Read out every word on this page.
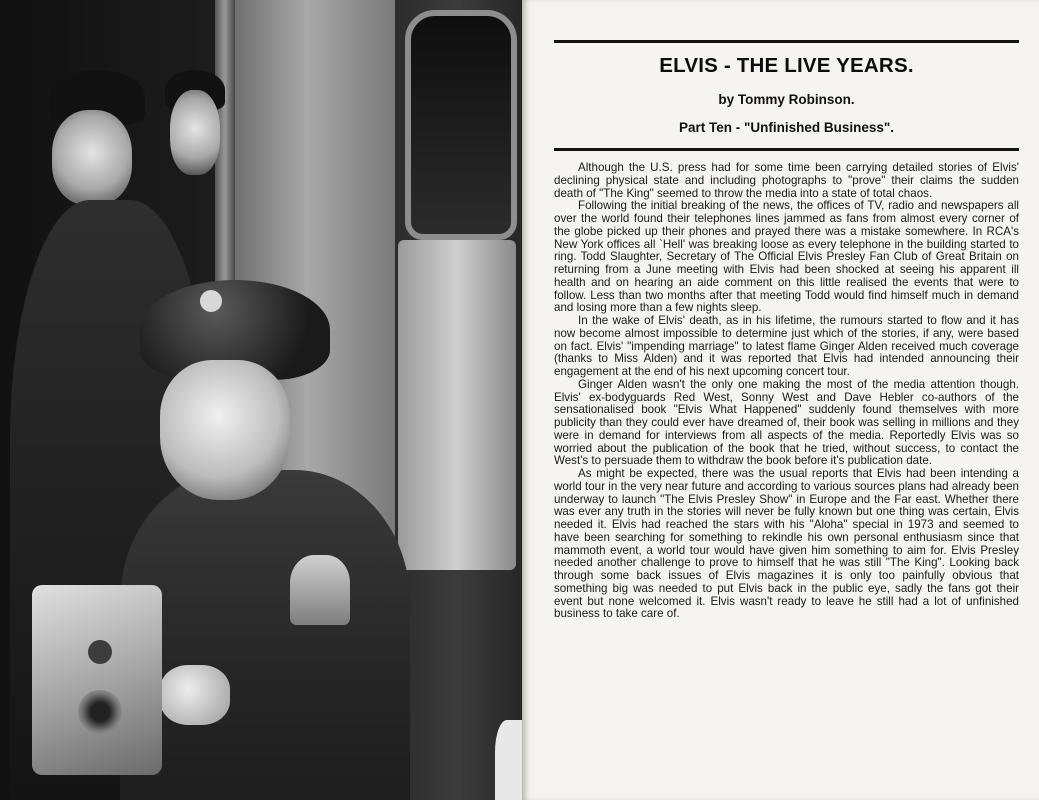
ELVIS - THE LIVE YEARS.
by Tommy Robinson.
Part Ten - "Unfinished Business".

Although the U.S. press had for some time been carrying detailed stories of Elvis' declining physical state and including photographs to "prove" their claims the sudden death of "The King" seemed to throw the media into a state of total chaos.

Following the initial breaking of the news, the offices of TV, radio and newspapers all over the world found their telephones lines jammed as fans from almost every corner of the globe picked up their phones and prayed there was a mistake somewhere. In RCA's New York offices all `Hell' was breaking loose as every telephone in the building started to ring. Todd Slaughter, Secretary of The Official Elvis Presley Fan Club of Great Britain on returning from a June meeting with Elvis had been shocked at seeing his apparent ill health and on hearing an aide comment on this little realised the events that were to follow. Less than two months after that meeting Todd would find himself much in demand and losing more than a few nights sleep.

In the wake of Elvis' death, as in his lifetime, the rumours started to flow and it has now become almost impossible to determine just which of the stories, if any, were based on fact. Elvis' "impending marriage" to latest flame Ginger Alden received much coverage (thanks to Miss Alden) and it was reported that Elvis had intended announcing their engagement at the end of his next upcoming concert tour.

Ginger Alden wasn't the only one making the most of the media attention though. Elvis' ex-bodyguards Red West, Sonny West and Dave Hebler co-authors of the sensationalised book "Elvis What Happened" suddenly found themselves with more publicity than they could ever have dreamed of, their book was selling in millions and they were in demand for interviews from all aspects of the media. Reportedly Elvis was so worried about the publication of the book that he tried, without success, to contact the West's to persuade them to withdraw the book before it's publication date.

As might be expected, there was the usual reports that Elvis had been intending a world tour in the very near future and according to various sources plans had already been underway to launch "The Elvis Presley Show" in Europe and the Far east. Whether there was ever any truth in the stories will never be fully known but one thing was certain, Elvis needed it. Elvis had reached the stars with his "Aloha" special in 1973 and seemed to have been searching for something to rekindle his own personal enthusiasm since that mammoth event, a world tour would have given him something to aim for. Elvis Presley needed another challenge to prove to himself that he was still "The King". Looking back through some back issues of Elvis magazines it is only too painfully obvious that something big was needed to put Elvis back in the public eye, sadly the fans got their event but none welcomed it. Elvis wasn't ready to leave he still had a lot of unfinished business to take care of.
